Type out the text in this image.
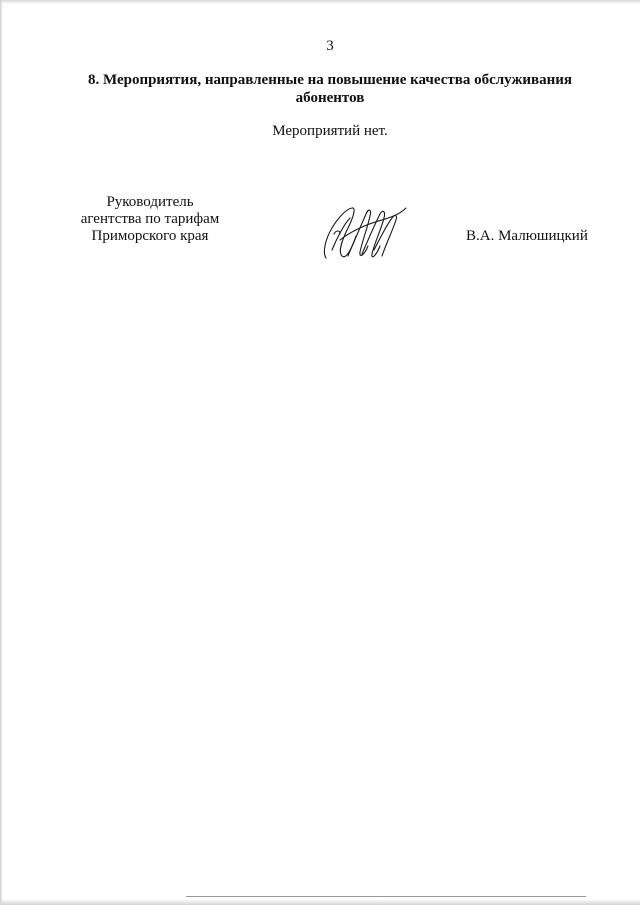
3
8. Мероприятия, направленные на повышение качества обслуживания
абонентов
Мероприятий нет.
Руководитель
агентства по тарифам
Приморского края	В.А. Малюшицкий
